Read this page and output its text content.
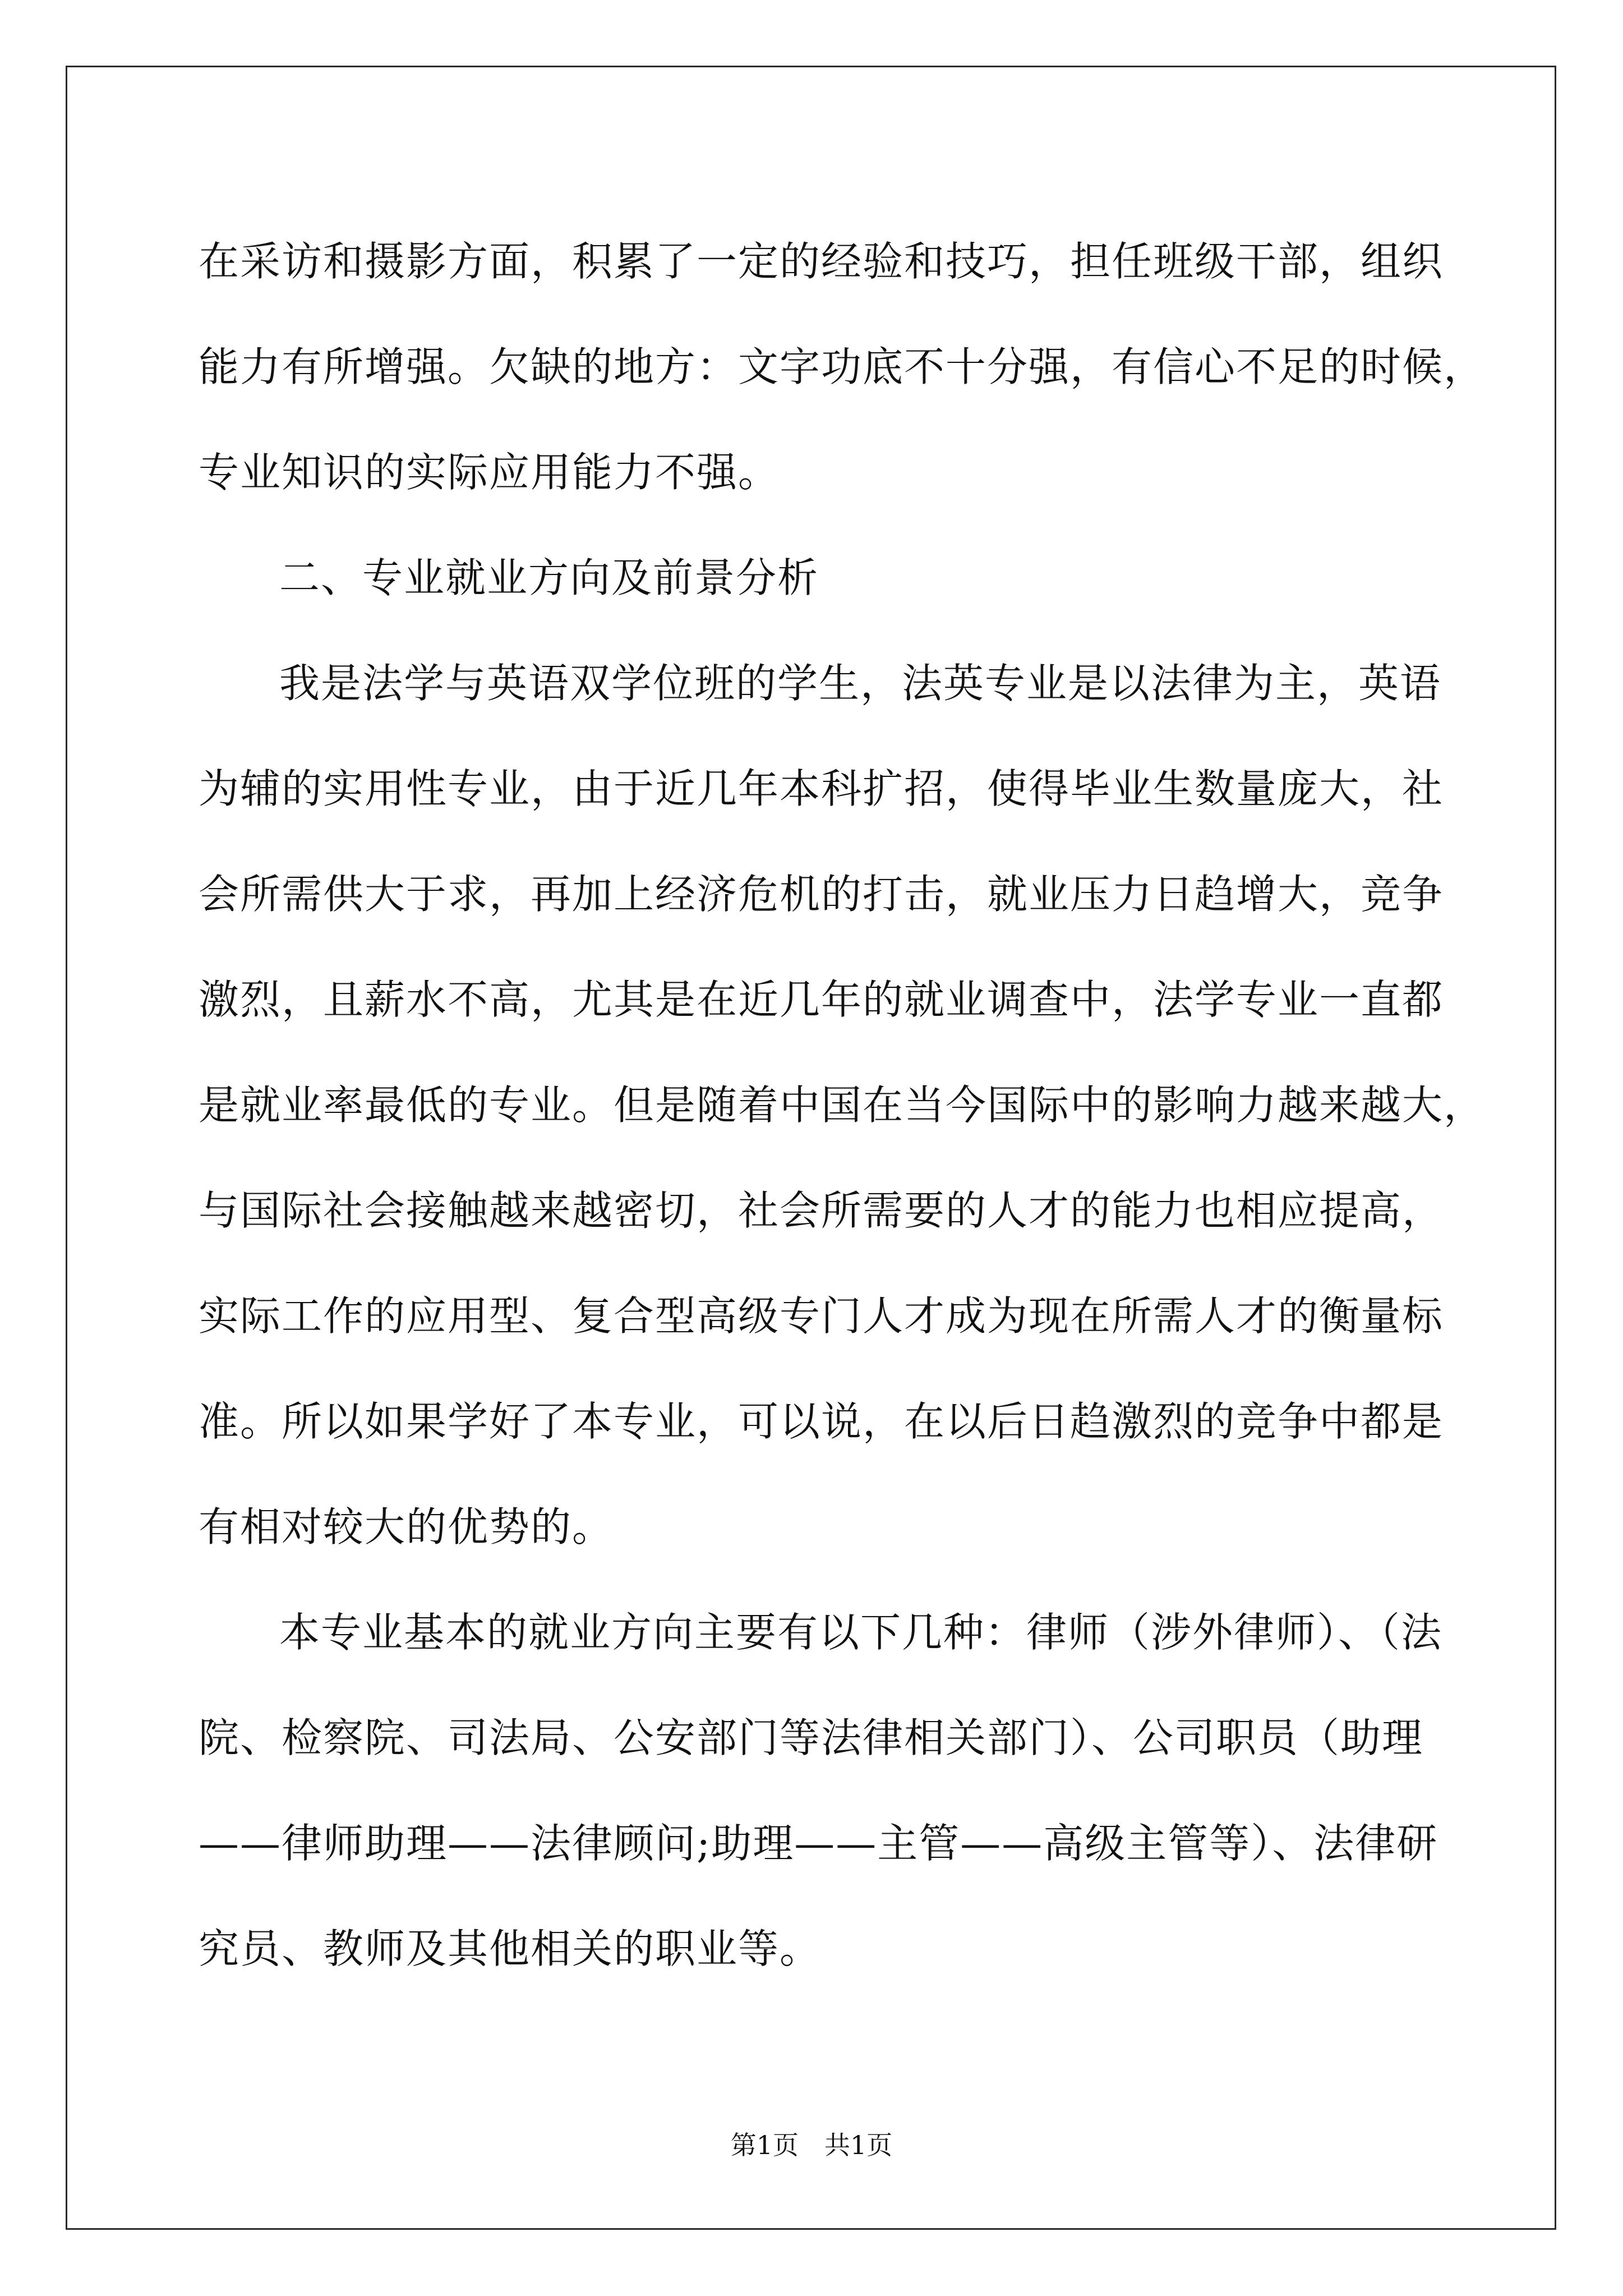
在采访和摄影方面，积累了一定的经验和技巧，担任班级干部，组织
能力有所增强。欠缺的地方：文字功底不十分强，有信心不足的时候，
专业知识的实际应用能力不强。
二、专业就业方向及前景分析
我是法学与英语双学位班的学生，法英专业是以法律为主，英语
为辅的实用性专业，由于近几年本科扩招，使得毕业生数量庞大，社
会所需供大于求，再加上经济危机的打击，就业压力日趋增大，竞争
激烈，且薪水不高，尤其是在近几年的就业调查中，法学专业一直都
是就业率最低的专业。但是随着中国在当今国际中的影响力越来越大，
与国际社会接触越来越密切，社会所需要的人才的能力也相应提高，
实际工作的应用型、复合型高级专门人才成为现在所需人才的衡量标
准。所以如果学好了本专业，可以说，在以后日趋激烈的竞争中都是
有相对较大的优势的。
本专业基本的就业方向主要有以下几种：律师（涉外律师）、（法
院、检察院、司法局、公安部门等法律相关部门）、公司职员（助理
——律师助理——法律顾问;助理——主管——高级主管等）、法律研
究员、教师及其他相关的职业等。
第1页　共1页
